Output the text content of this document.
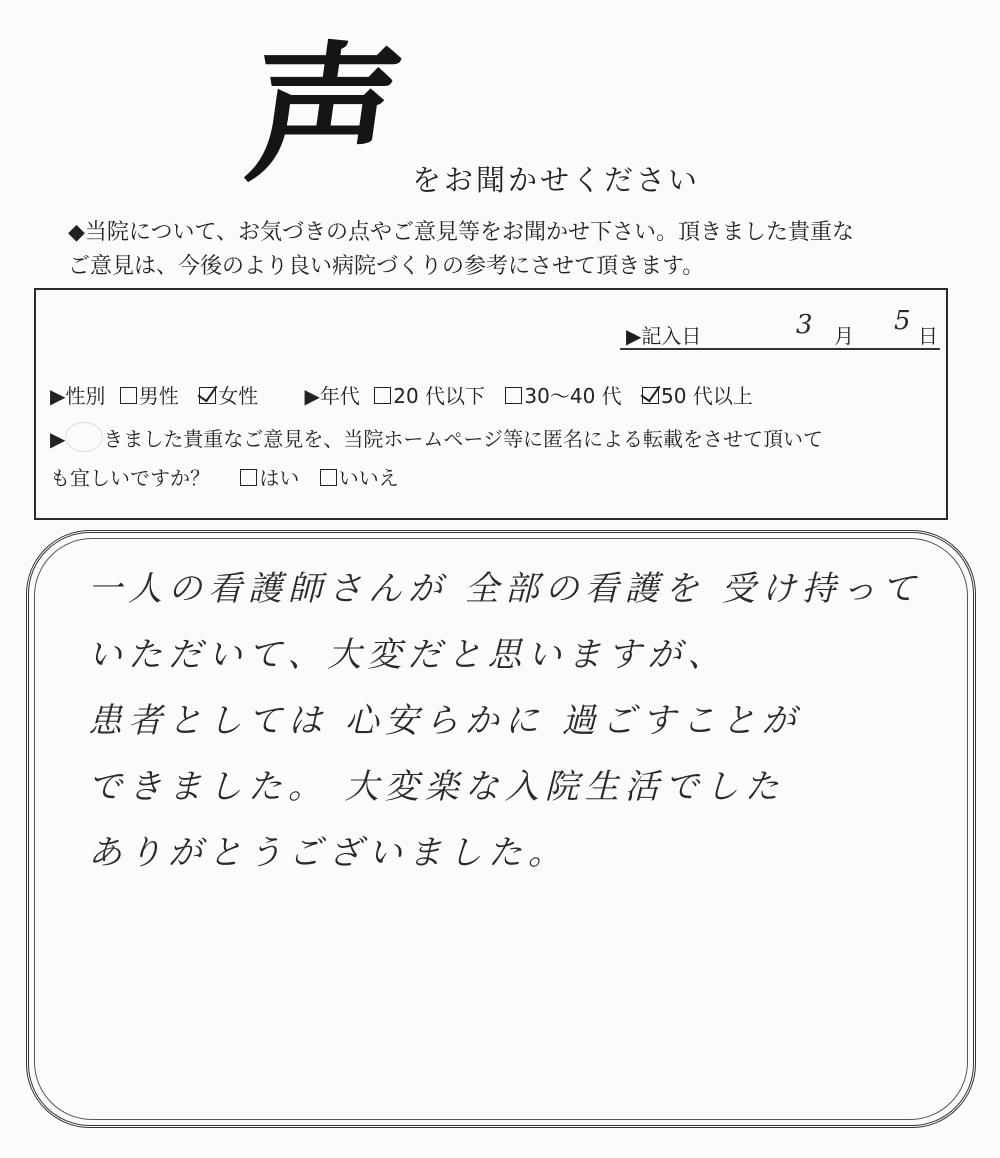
声 をお聞かせください
◆当院について、お気づきの点やご意見等をお聞かせ下さい。頂きました貴重な
ご意見は、今後のより良い病院づくりの参考にさせて頂きます。
▶記入日	3 月 5 日
▶性別 男性 女性 ▶年代 20 代以下 30～40 代 50 代以上
▶ きました貴重なご意見を、当院ホームページ等に匿名による転載をさせて頂いて
も宜しいですか？ はい いいえ
一人の看護師さんが 全部の看護を 受け持って
いただいて、大変だと思いますが、
患者としては 心安らかに 過ごすことが
できました。 大変楽な入院生活でした
ありがとうございました。
